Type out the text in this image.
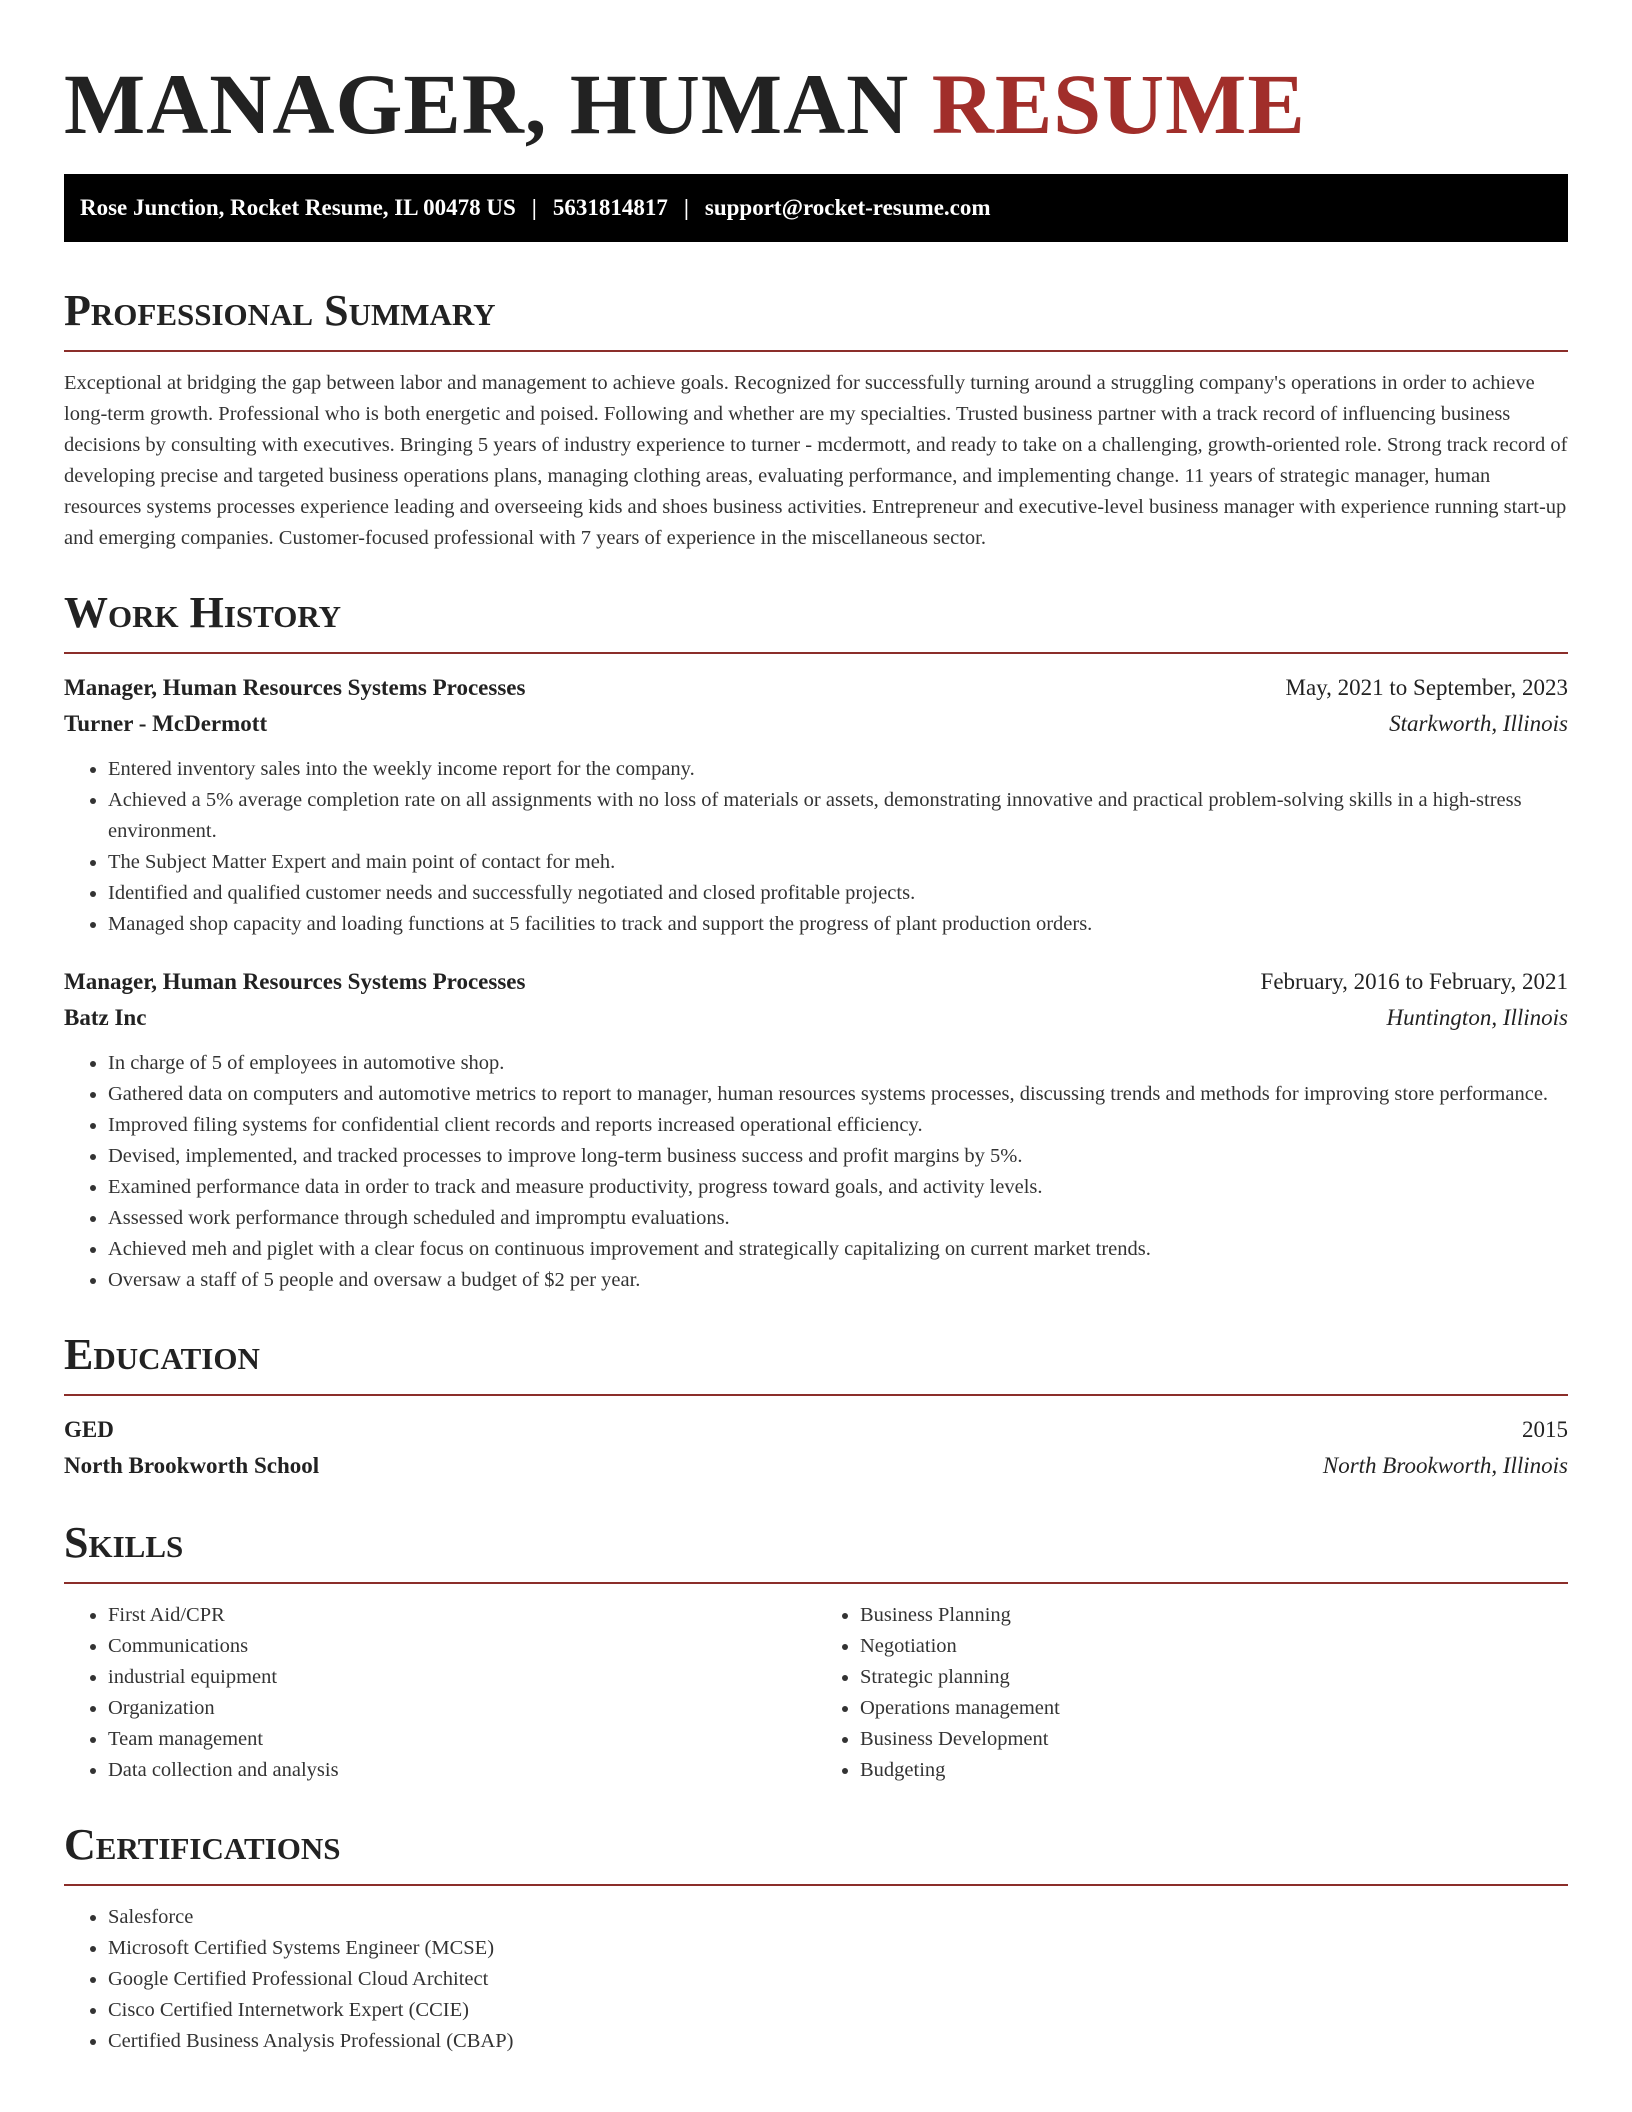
MANAGER, HUMAN RESUME
Rose Junction, Rocket Resume, IL 00478 US | 5631814817 | support@rocket-resume.com
Professional Summary

Exceptional at bridging the gap between labor and management to achieve goals. Recognized for successfully turning around a struggling company's operations in order to achieve long-term growth. Professional who is both energetic and poised. Following and whether are my specialties. Trusted business partner with a track record of influencing business decisions by consulting with executives. Bringing 5 years of industry experience to turner - mcdermott, and ready to take on a challenging, growth-oriented role. Strong track record of developing precise and targeted business operations plans, managing clothing areas, evaluating performance, and implementing change. 11 years of strategic manager, human resources systems processes experience leading and overseeing kids and shoes business activities. Entrepreneur and executive-level business manager with experience running start-up and emerging companies. Customer-focused professional with 7 years of experience in the miscellaneous sector.

Work History
Manager, Human Resources Systems Processes	May, 2021 to September, 2023
Turner - McDermott	Starkworth, Illinois
• Entered inventory sales into the weekly income report for the company.
• Achieved a 5% average completion rate on all assignments with no loss of materials or assets, demonstrating innovative and practical problem-solving skills in a high-stress environment.
• The Subject Matter Expert and main point of contact for meh.
• Identified and qualified customer needs and successfully negotiated and closed profitable projects.
• Managed shop capacity and loading functions at 5 facilities to track and support the progress of plant production orders.
Manager, Human Resources Systems Processes	February, 2016 to February, 2021
Batz Inc	Huntington, Illinois
• In charge of 5 of employees in automotive shop.
• Gathered data on computers and automotive metrics to report to manager, human resources systems processes, discussing trends and methods for improving store performance.
• Improved filing systems for confidential client records and reports increased operational efficiency.
• Devised, implemented, and tracked processes to improve long-term business success and profit margins by 5%.
• Examined performance data in order to track and measure productivity, progress toward goals, and activity levels.
• Assessed work performance through scheduled and impromptu evaluations.
• Achieved meh and piglet with a clear focus on continuous improvement and strategically capitalizing on current market trends.
• Oversaw a staff of 5 people and oversaw a budget of $2 per year.
Education
GED	2015
North Brookworth School	North Brookworth, Illinois
Skills
• First Aid/CPR
• Communications
• industrial equipment
• Organization
• Team management
• Data collection and analysis
• Business Planning
• Negotiation
• Strategic planning
• Operations management
• Business Development
• Budgeting
Certifications
• Salesforce
• Microsoft Certified Systems Engineer (MCSE)
• Google Certified Professional Cloud Architect
• Cisco Certified Internetwork Expert (CCIE)
• Certified Business Analysis Professional (CBAP)
